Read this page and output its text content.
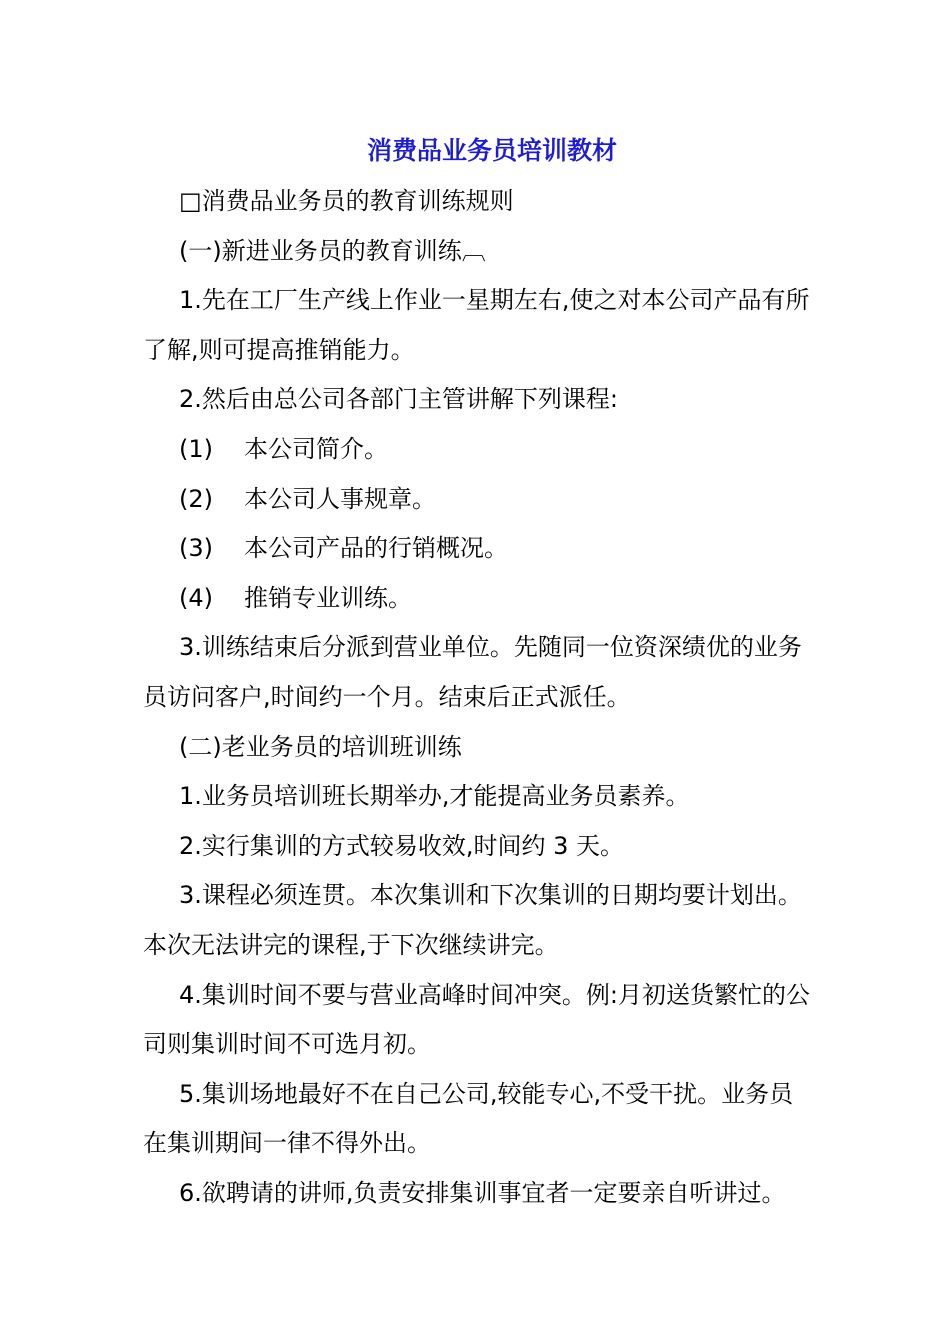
消费品业务员培训教材

□消费品业务员的教育训练规则

(一)新进业务员的教育训练︹

1.先在工厂生产线上作业一星期左右,使之对本公司产品有所了解,则可提高推销能力。

2.然后由总公司各部门主管讲解下列课程:

(1) 本公司简介。

(2) 本公司人事规章。

(3) 本公司产品的行销概况。

(4) 推销专业训练。

3.训练结束后分派到营业单位。先随同一位资深绩优的业务员访问客户,时间约一个月。结束后正式派任。

(二)老业务员的培训班训练

1.业务员培训班长期举办,才能提高业务员素养。

2.实行集训的方式较易收效,时间约 3 天。

3.课程必须连贯。本次集训和下次集训的日期均要计划出。本次无法讲完的课程,于下次继续讲完。

4.集训时间不要与营业高峰时间冲突。例:月初送货繁忙的公司则集训时间不可选月初。

5.集训场地最好不在自己公司,较能专心,不受干扰。业务员在集训期间一律不得外出。

6.欲聘请的讲师,负责安排集训事宜者一定要亲自听讲过。
